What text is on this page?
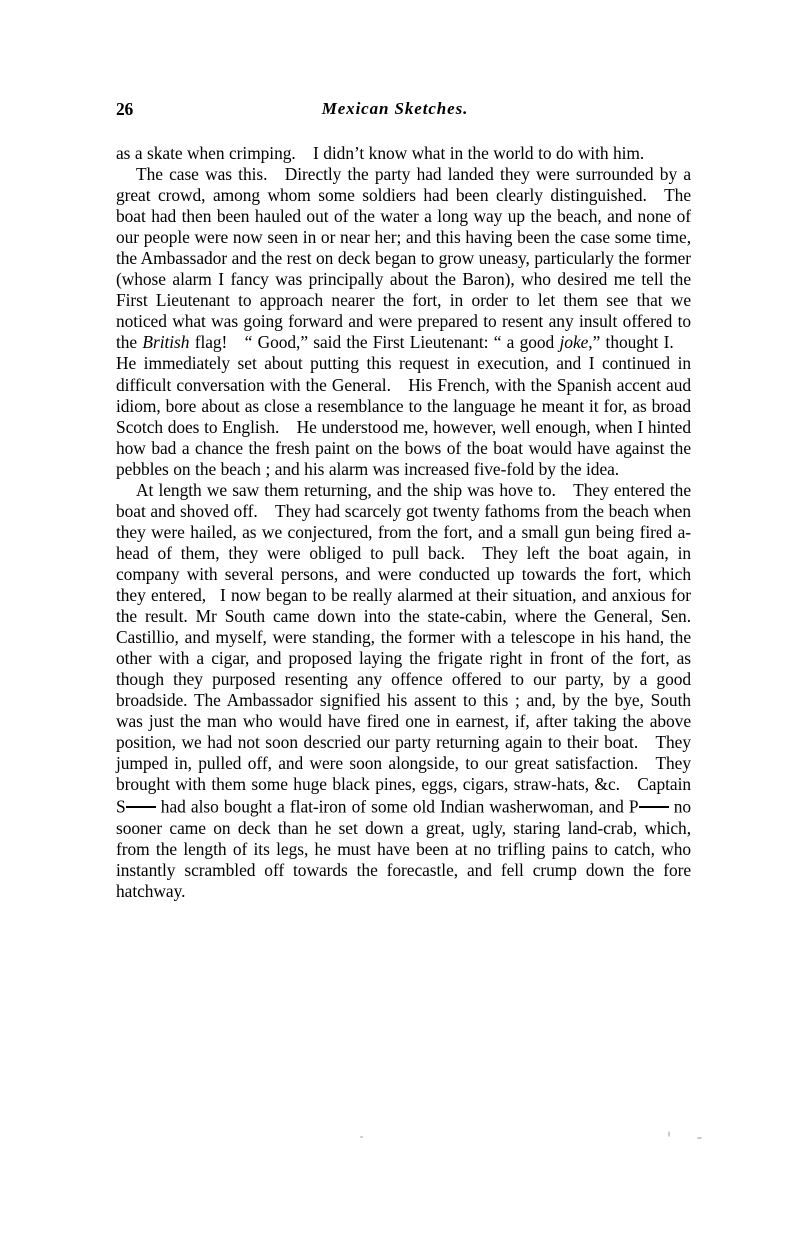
26	Mexican Sketches.

as a skate when crimping. I didn’t know what in the world to do with him.

The case was this. Directly the party had landed they were surrounded by a great crowd, among whom some soldiers had been clearly distinguished. The boat had then been hauled out of the water a long way up the beach, and none of our people were now seen in or near her; and this having been the case some time, the Ambassador and the rest on deck began to grow uneasy, particularly the former (whose alarm I fancy was principally about the Baron), who desired me tell the First Lieutenant to approach nearer the fort, in order to let them see that we noticed what was going forward and were prepared to resent any insult offered to the British flag! “ Good,” said the First Lieutenant: “ a good joke,” thought I. He immediately set about putting this request in execution, and I continued in difficult conversation with the General. His French, with the Spanish accent aud idiom, bore about as close a resemblance to the language he meant it for, as broad Scotch does to English. He understood me, however, well enough, when I hinted how bad a chance the fresh paint on the bows of the boat would have against the pebbles on the beach ; and his alarm was increased five-fold by the idea.

At length we saw them returning, and the ship was hove to. They entered the boat and shoved off. They had scarcely got twenty fathoms from the beach when they were hailed, as we conjectured, from the fort, and a small gun being fired a-head of them, they were obliged to pull back. They left the boat again, in company with several persons, and were conducted up towards the fort, which they entered,  I now began to be really alarmed at their situation, and anxious for the result. Mr South came down into the state-cabin, where the General, Sen. Castillio, and myself, were standing, the former with a telescope in his hand, the other with a cigar, and proposed laying the frigate right in front of the fort, as though they purposed resenting any offence offered to our party, by a good broadside. The Ambassador signified his assent to this ; and, by the bye, South was just the man who would have fired one in earnest, if, after taking the above position, we had not soon descried our party returning again to their boat. They jumped in, pulled off, and were soon alongside, to our great satisfaction. They brought with them some huge black pines, eggs, cigars, straw-hats, &c. Captain S had also bought a flat-iron of some old Indian washerwoman, and P no sooner came on deck than he set down a great, ugly, staring land-crab, which, from the length of its legs, he must have been at no trifling pains to catch, who instantly scrambled off towards the forecastle, and fell crump down the fore hatchway.
